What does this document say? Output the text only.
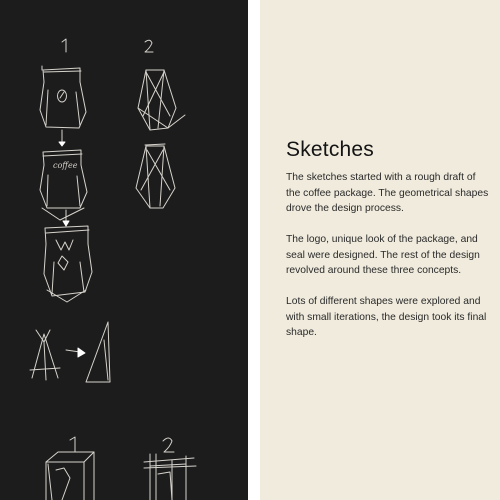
coffee
Sketches

The sketches started with a rough draft of the coffee package. The geometrical shapes drove the design process.

The logo, unique look of the package, and seal were designed. The rest of the design revolved around these three concepts.

Lots of different shapes were explored and with small iterations, the design took its final shape.
